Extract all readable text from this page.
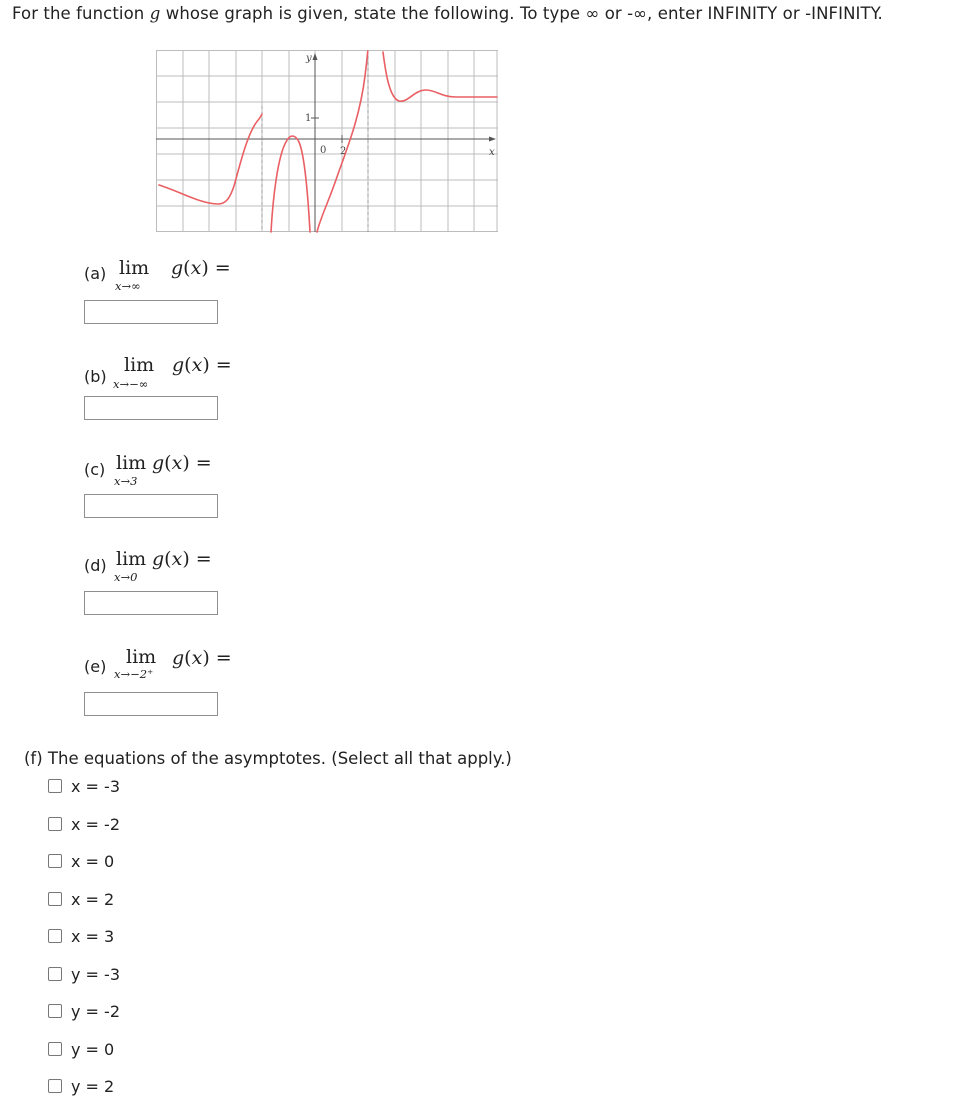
For the function g whose graph is given, state the following. To type ∞ or -∞, enter INFINITY or -INFINITY.
y
x
1
0 2
(a) lim
x→∞
g(x) =
(b)
lim
x→−∞
g(x) =
(c) lim
x→3
g(x) =
(d) lim
x→0
g(x) =
(e) lim
x→−2⁺
g(x) =
(f) The equations of the asymptotes. (Select all that apply.)
x = -3
x = -2
x = 0
x = 2
x = 3
y = -3
y = -2
y = 0
y = 2
